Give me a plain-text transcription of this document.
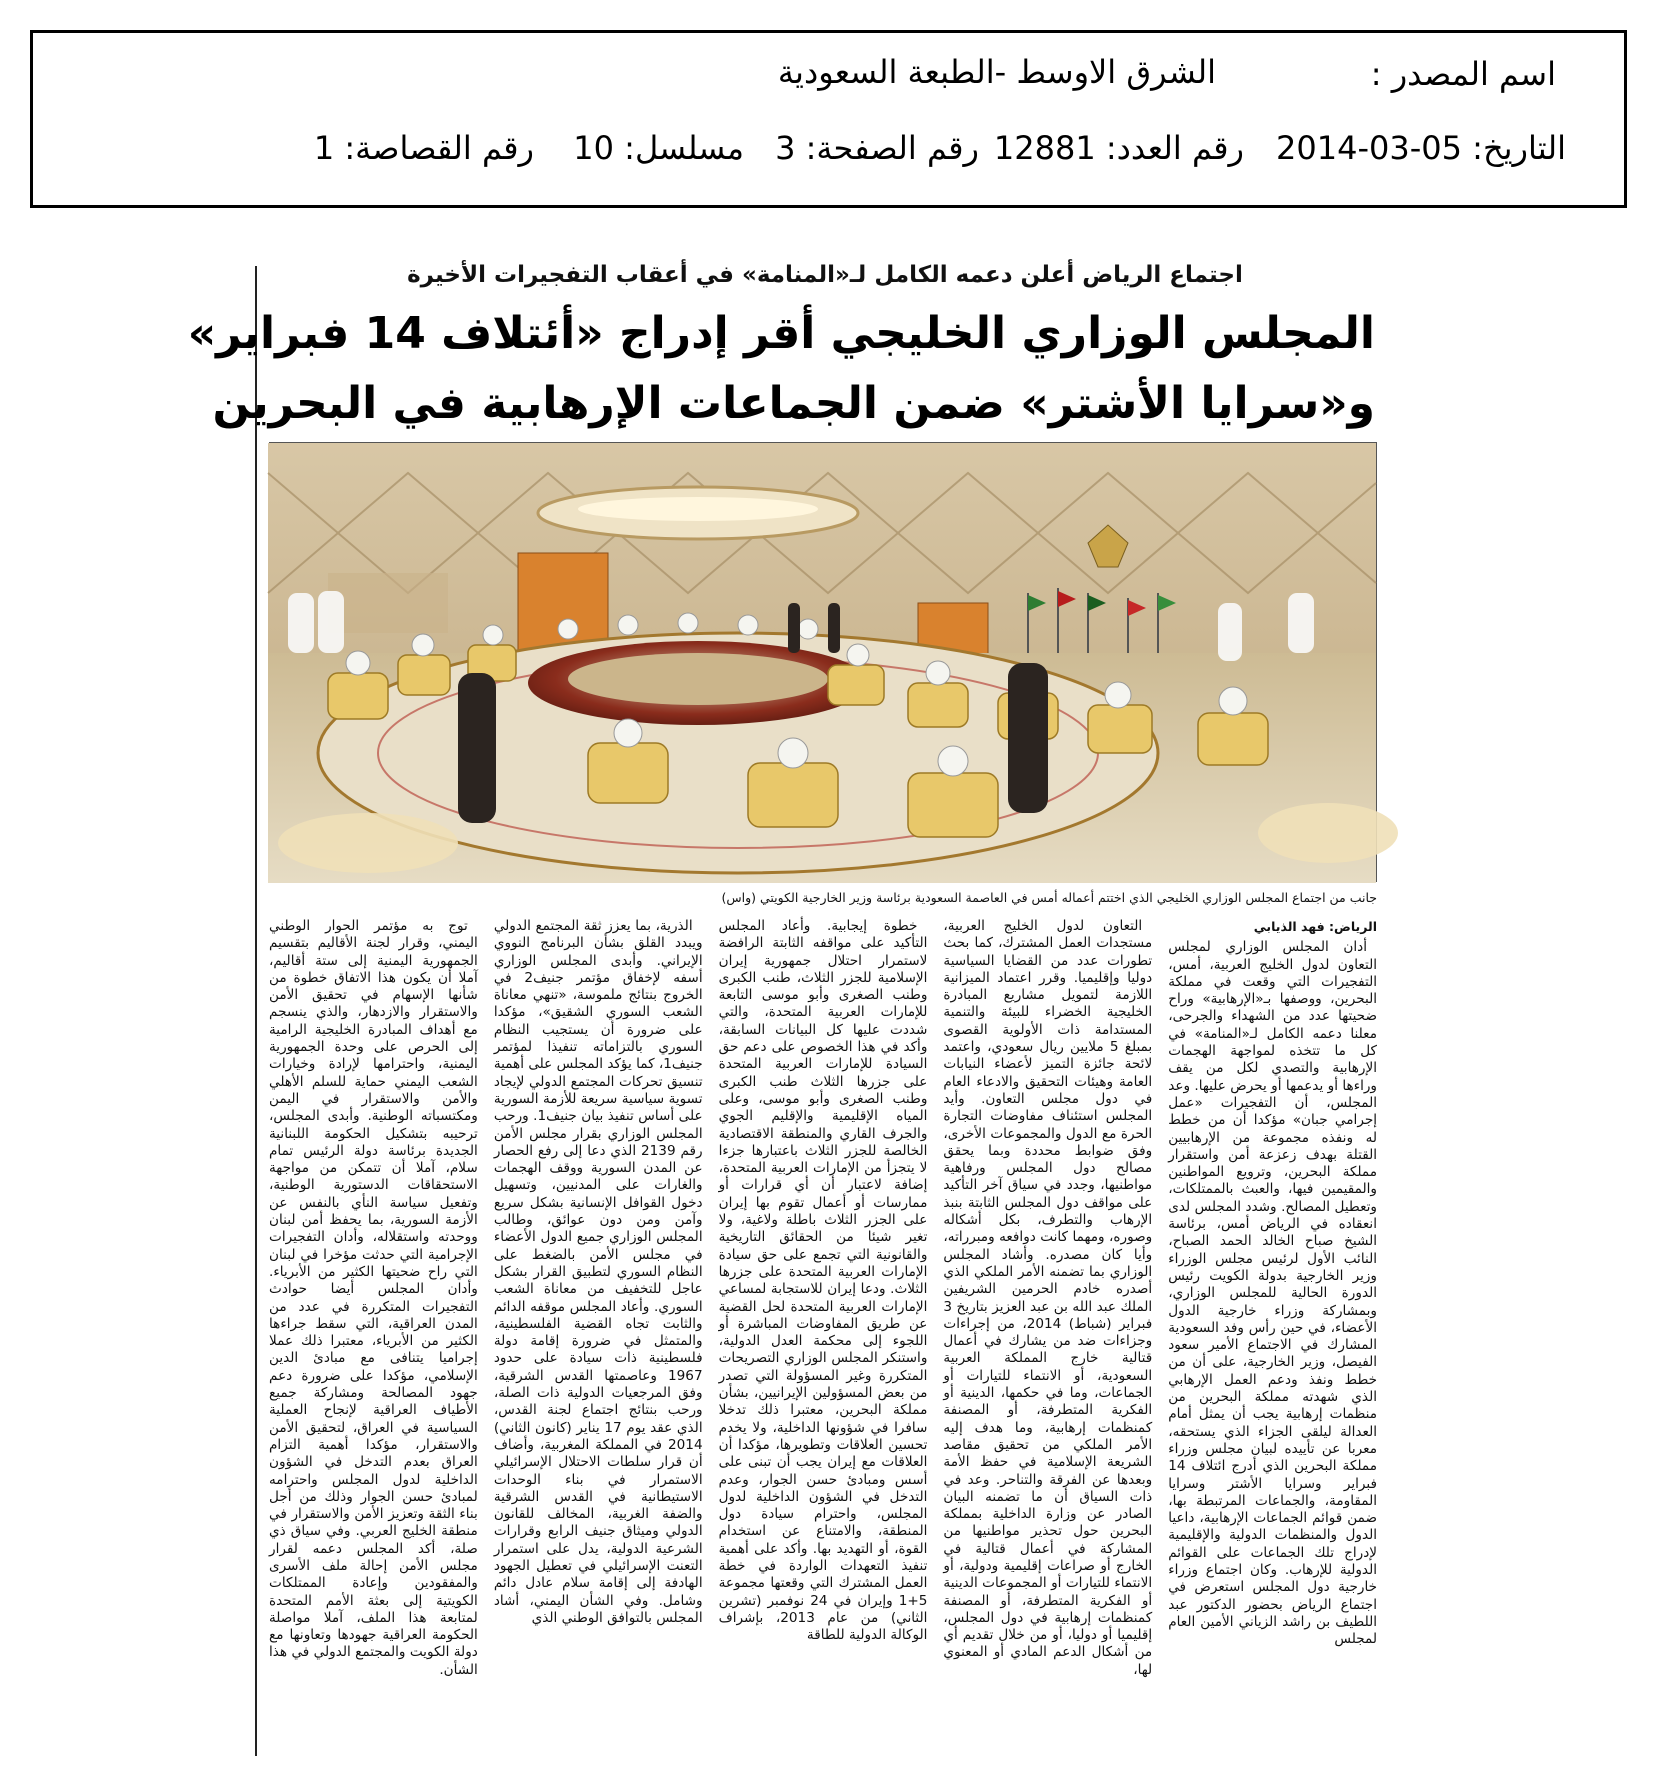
اسم المصدر :
الشرق الاوسط -الطبعة السعودية
التاريخ: 05-03-2014
رقم العدد: 12881
رقم الصفحة: 3
مسلسل: 10
رقم القصاصة: 1
اجتماع الرياض أعلن دعمه الكامل لـ«المنامة» في أعقاب التفجيرات الأخيرة
المجلس الوزاري الخليجي أقر إدراج «أئتلاف 14 فبراير»
و«سرايا الأشتر» ضمن الجماعات الإرهابية في البحرين
جانب من اجتماع المجلس الوزاري الخليجي الذي اختتم أعماله أمس في العاصمة السعودية برئاسة وزير الخارجية الكويتي (واس)

الرياض: فهد الذيابي

أدان المجلس الوزاري لمجلس التعاون لدول الخليج العربية، أمس، التفجيرات التي وقعت في مملكة البحرين، ووصفها بـ«الإرهابية» وراح ضحيتها عدد من الشهداء والجرحى، معلنا دعمه الكامل لـ«المنامة» في كل ما تتخذه لمواجهة الهجمات الإرهابية والتصدي لكل من يقف وراءها أو يدعمها أو يحرض عليها. وعد المجلس، أن التفجيرات «عمل إجرامي جبان» مؤكدا أن من خطط له ونفذه مجموعة من الإرهابيين القتلة بهدف زعزعة أمن واستقرار مملكة البحرين، وترويع المواطنين والمقيمين فيها، والعبث بالممتلكات، وتعطيل المصالح. وشدد المجلس لدى انعقاده في الرياض أمس، برئاسة الشيخ صباح الخالد الحمد الصباح، النائب الأول لرئيس مجلس الوزراء وزير الخارجية بدولة الكويت رئيس الدورة الحالية للمجلس الوزاري، وبمشاركة وزراء خارجية الدول الأعضاء، في حين رأس وفد السعودية المشارك في الاجتماع الأمير سعود الفيصل، وزير الخارجية، على أن من خطط ونفذ ودعم العمل الإرهابي الذي شهدته مملكة البحرين من منظمات إرهابية يجب أن يمثل أمام العدالة ليلقى الجزاء الذي يستحقه، معربا عن تأييده لبيان مجلس وزراء مملكة البحرين الذي أدرج ائتلاف 14 فبراير وسرايا الأشتر وسرايا المقاومة، والجماعات المرتبطة بها، ضمن قوائم الجماعات الإرهابية، داعيا الدول والمنظمات الدولية والإقليمية لإدراج تلك الجماعات على القوائم الدولية للإرهاب. وكان اجتماع وزراء خارجية دول المجلس استعرض في اجتماع الرياض بحضور الدكتور عبد اللطيف بن راشد الزياني الأمين العام لمجلس

التعاون لدول الخليج العربية، مستجدات العمل المشترك، كما بحث تطورات عدد من القضايا السياسية دوليا وإقليميا. وقرر اعتماد الميزانية اللازمة لتمويل مشاريع المبادرة الخليجية الخضراء للبيئة والتنمية المستدامة ذات الأولوية القصوى بمبلغ 5 ملايين ريال سعودي، واعتمد لائحة جائزة التميز لأعضاء النيابات العامة وهيئات التحقيق والادعاء العام في دول مجلس التعاون. وأيد المجلس استئناف مفاوضات التجارة الحرة مع الدول والمجموعات الأخرى، وفق ضوابط محددة وبما يحقق مصالح دول المجلس ورفاهية مواطنيها، وجدد في سياق آخر التأكيد على مواقف دول المجلس الثابتة بنبذ الإرهاب والتطرف، بكل أشكاله وصوره، ومهما كانت دوافعه ومبرراته، وأيا كان مصدره. وأشاد المجلس الوزاري بما تضمنه الأمر الملكي الذي أصدره خادم الحرمين الشريفين الملك عبد الله بن عبد العزيز بتاريخ 3 فبراير (شباط) 2014، من إجراءات وجزاءات ضد من يشارك في أعمال قتالية خارج المملكة العربية السعودية، أو الانتماء للتيارات أو الجماعات، وما في حكمها، الدينية أو الفكرية المتطرفة، أو المصنفة كمنظمات إرهابية، وما هدف إليه الأمر الملكي من تحقيق مقاصد الشريعة الإسلامية في حفظ الأمة وبعدها عن الفرقة والتناحر. وعد في ذات السياق أن ما تضمنه البيان الصادر عن وزارة الداخلية بمملكة البحرين حول تحذير مواطنيها من المشاركة في أعمال قتالية في الخارج أو صراعات إقليمية ودولية، أو الانتماء للتيارات أو المجموعات الدينية أو الفكرية المتطرفة، أو المصنفة كمنظمات إرهابية في دول المجلس، إقليميا أو دوليا، أو من خلال تقديم أي من أشكال الدعم المادي أو المعنوي لها،

خطوة إيجابية. وأعاد المجلس التأكيد على مواقفه الثابتة الرافضة لاستمرار احتلال جمهورية إيران الإسلامية للجزر الثلاث، طنب الكبرى وطنب الصغرى وأبو موسى التابعة للإمارات العربية المتحدة، والتي شددت عليها كل البيانات السابقة، وأكد في هذا الخصوص على دعم حق السيادة للإمارات العربية المتحدة على جزرها الثلاث طنب الكبرى وطنب الصغرى وأبو موسى، وعلى المياه الإقليمية والإقليم الجوي والجرف القاري والمنطقة الاقتصادية الخالصة للجزر الثلاث باعتبارها جزءا لا يتجزأ من الإمارات العربية المتحدة، إضافة لاعتبار أن أي قرارات أو ممارسات أو أعمال تقوم بها إيران على الجزر الثلاث باطلة ولاغية، ولا تغير شيئا من الحقائق التاريخية والقانونية التي تجمع على حق سيادة الإمارات العربية المتحدة على جزرها الثلاث. ودعا إيران للاستجابة لمساعي الإمارات العربية المتحدة لحل القضية عن طريق المفاوضات المباشرة أو اللجوء إلى محكمة العدل الدولية، واستنكر المجلس الوزاري التصريحات المتكررة وغير المسؤولة التي تصدر من بعض المسؤولين الإيرانيين، بشأن مملكة البحرين، معتبرا ذلك تدخلا سافرا في شؤونها الداخلية، ولا يخدم تحسين العلاقات وتطويرها، مؤكدا أن العلاقات مع إيران يجب أن تبنى على أسس ومبادئ حسن الجوار، وعدم التدخل في الشؤون الداخلية لدول المجلس، واحترام سيادة دول المنطقة، والامتناع عن استخدام القوة، أو التهديد بها. وأكد على أهمية تنفيذ التعهدات الواردة في خطة العمل المشترك التي وقعتها مجموعة 5+1 وإيران في 24 نوفمبر (تشرين الثاني) من عام 2013، بإشراف الوكالة الدولية للطاقة

الذرية، بما يعزز ثقة المجتمع الدولي ويبدد القلق بشأن البرنامج النووي الإيراني. وأبدى المجلس الوزاري أسفه لإخفاق مؤتمر جنيف2 في الخروج بنتائج ملموسة، «تنهي معاناة الشعب السوري الشقيق»، مؤكدا على ضرورة أن يستجيب النظام السوري بالتزاماته تنفيذا لمؤتمر جنيف1، كما يؤكد المجلس على أهمية تنسيق تحركات المجتمع الدولي لإيجاد تسوية سياسية سريعة للأزمة السورية على أساس تنفيذ بيان جنيف1. ورحب المجلس الوزاري بقرار مجلس الأمن رقم 2139 الذي دعا إلى رفع الحصار عن المدن السورية ووقف الهجمات والغارات على المدنيين، وتسهيل دخول القوافل الإنسانية بشكل سريع وآمن ومن دون عوائق، وطالب المجلس الوزاري جميع الدول الأعضاء في مجلس الأمن بالضغط على النظام السوري لتطبيق القرار بشكل عاجل للتخفيف من معاناة الشعب السوري. وأعاد المجلس موقفه الدائم والثابت تجاه القضية الفلسطينية، والمتمثل في ضرورة إقامة دولة فلسطينية ذات سيادة على حدود 1967 وعاصمتها القدس الشرقية، وفق المرجعيات الدولية ذات الصلة، ورحب بنتائج اجتماع لجنة القدس، الذي عقد يوم 17 يناير (كانون الثاني) 2014 في المملكة المغربية، وأضاف أن قرار سلطات الاحتلال الإسرائيلي الاستمرار في بناء الوحدات الاستيطانية في القدس الشرقية والضفة الغربية، المخالف للقانون الدولي وميثاق جنيف الرابع وقرارات الشرعية الدولية، يدل على استمرار التعنت الإسرائيلي في تعطيل الجهود الهادفة إلى إقامة سلام عادل دائم وشامل. وفي الشأن اليمني، أشاد المجلس بالتوافق الوطني الذي

توج به مؤتمر الحوار الوطني اليمني، وقرار لجنة الأقاليم بتقسيم الجمهورية اليمنية إلى ستة أقاليم، آملا أن يكون هذا الاتفاق خطوة من شأنها الإسهام في تحقيق الأمن والاستقرار والازدهار، والذي ينسجم مع أهداف المبادرة الخليجية الرامية إلى الحرص على وحدة الجمهورية اليمنية، واحترامها لإرادة وخيارات الشعب اليمني حماية للسلم الأهلي والأمن والاستقرار في اليمن ومكتسباته الوطنية. وأبدى المجلس، ترحيبه بتشكيل الحكومة اللبنانية الجديدة برئاسة دولة الرئيس تمام سلام، آملا أن تتمكن من مواجهة الاستحقاقات الدستورية الوطنية، وتفعيل سياسة النأي بالنفس عن الأزمة السورية، بما يحفظ أمن لبنان ووحدته واستقلاله، وأدان التفجيرات الإجرامية التي حدثت مؤخرا في لبنان التي راح ضحيتها الكثير من الأبرياء. وأدان المجلس أيضا حوادث التفجيرات المتكررة في عدد من المدن العراقية، التي سقط جراءها الكثير من الأبرياء، معتبرا ذلك عملا إجراميا يتنافى مع مبادئ الدين الإسلامي، مؤكدا على ضرورة دعم جهود المصالحة ومشاركة جميع الأطياف العراقية لإنجاح العملية السياسية في العراق، لتحقيق الأمن والاستقرار، مؤكدا أهمية التزام العراق بعدم التدخل في الشؤون الداخلية لدول المجلس واحترامه لمبادئ حسن الجوار وذلك من أجل بناء الثقة وتعزيز الأمن والاستقرار في منطقة الخليج العربي. وفي سياق ذي صلة، أكد المجلس دعمه لقرار مجلس الأمن إحالة ملف الأسرى والمفقودين وإعادة الممتلكات الكويتية إلى بعثة الأمم المتحدة لمتابعة هذا الملف، آملا مواصلة الحكومة العراقية جهودها وتعاونها مع دولة الكويت والمجتمع الدولي في هذا الشأن.
